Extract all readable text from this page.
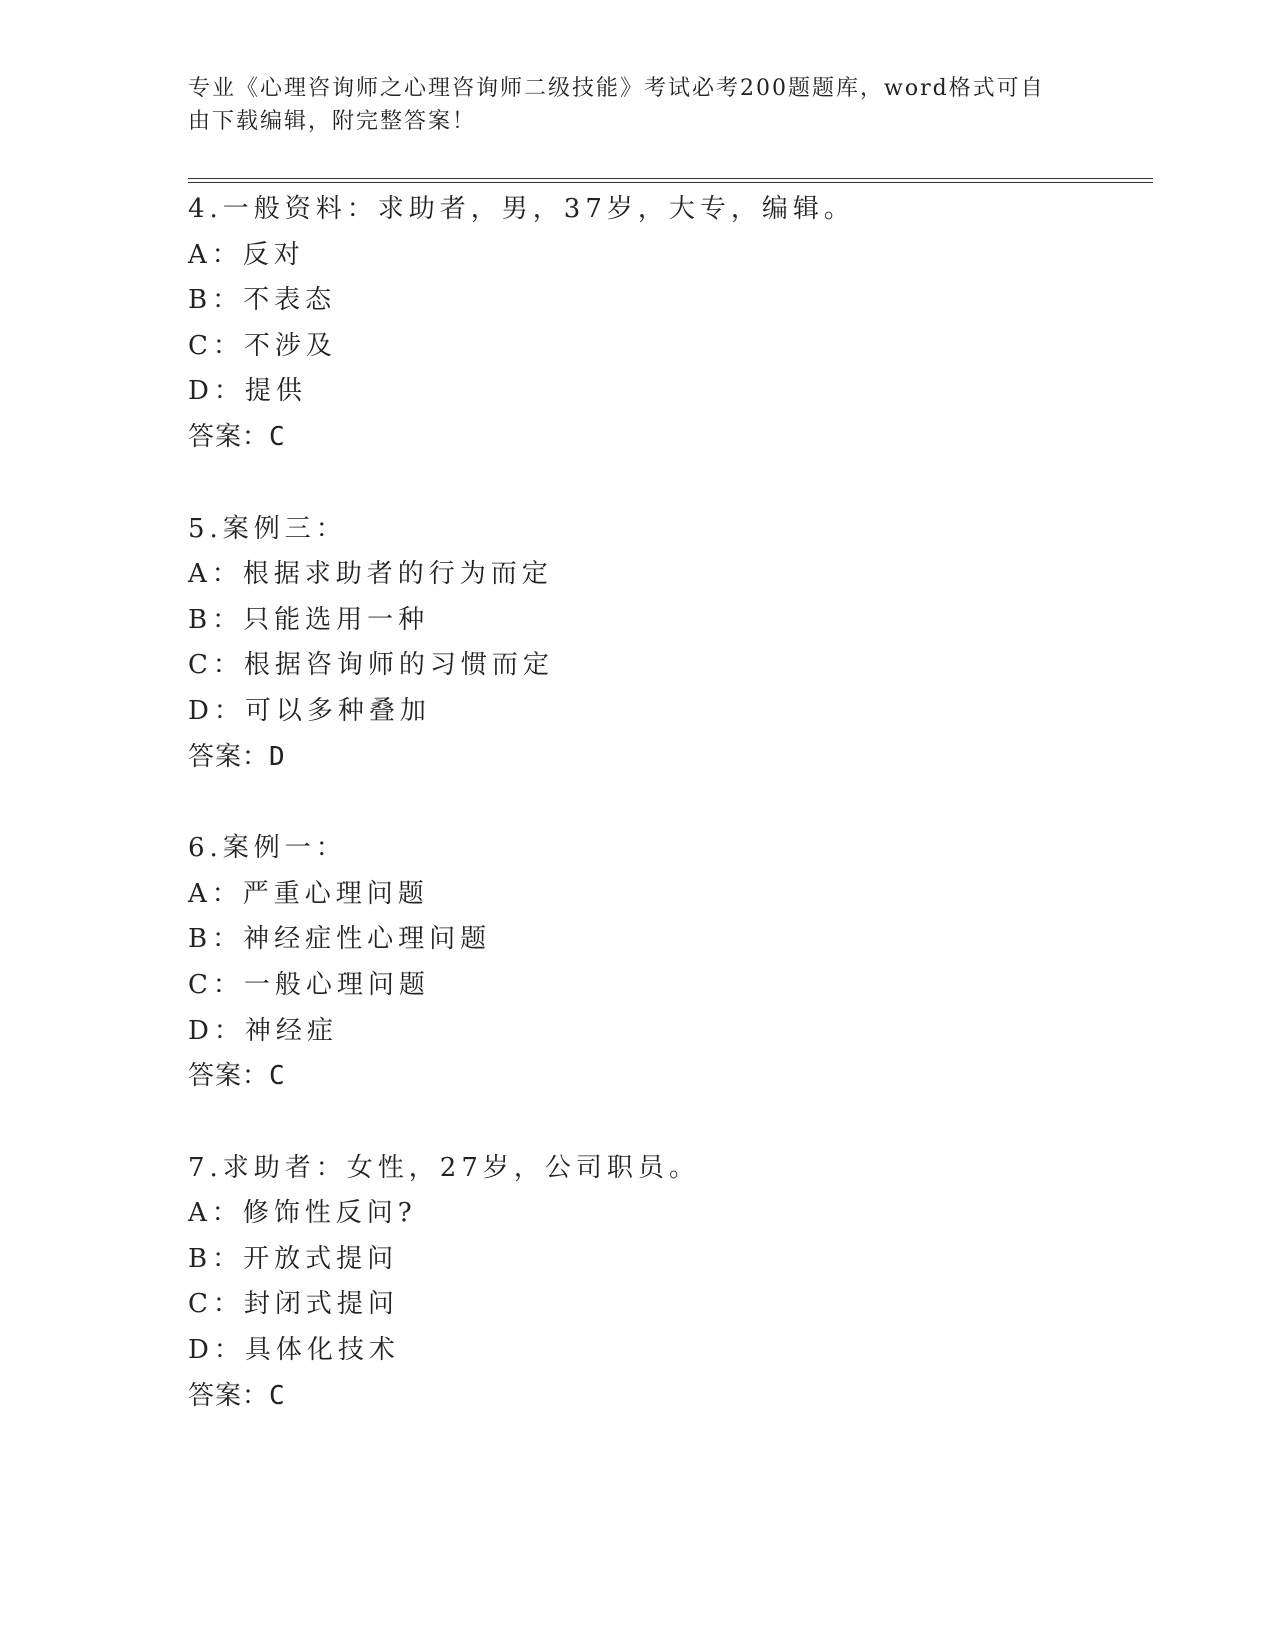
专业《心理咨询师之心理咨询师二级技能》考试必考200题题库，word格式可自
由下载编辑，附完整答案！
4.一般资料：求助者，男，37岁，大专，编辑。
A：反对
B：不表态
C：不涉及
D：提供
答案：C
5.案例三：
A：根据求助者的行为而定
B：只能选用一种
C：根据咨询师的习惯而定
D：可以多种叠加
答案：D
6.案例一：
A：严重心理问题
B：神经症性心理问题
C：一般心理问题
D：神经症
答案：C
7.求助者：女性，27岁，公司职员。
A：修饰性反问?
B：开放式提问
C：封闭式提问
D：具体化技术
答案：C
